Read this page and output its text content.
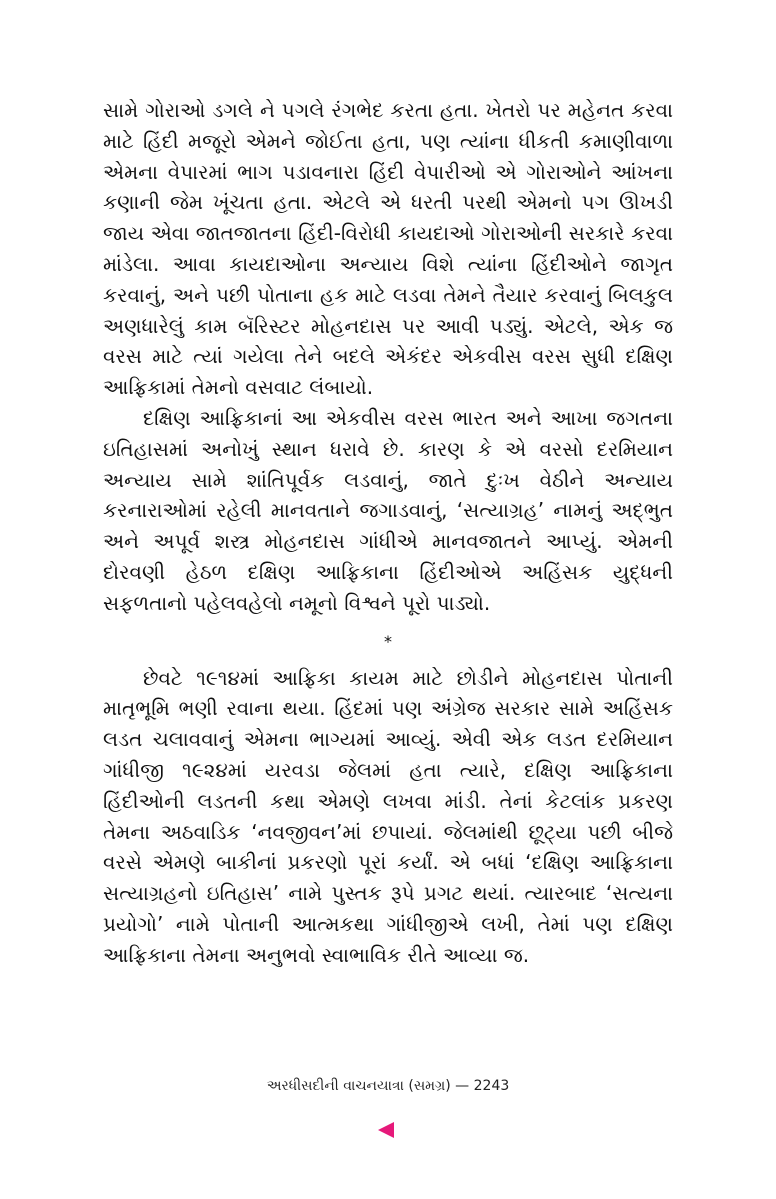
સામે ગોરાઓ ડગલે ને પગલે રંગભેદ કરતા હતા. ખેતરો પર મહેનત કરવા માટે હિંદી મજૂરો એમને જોઈતા હતા, પણ ત્યાંના ધીકતી કમાણીવાળા એમના વેપારમાં ભાગ પડાવનારા હિંદી વેપારીઓ એ ગોરાઓને આંખના કણાની જેમ ખૂંચતા હતા. એટલે એ ધરતી પરથી એમનો પગ ઊખડી જાય એવા જાતજાતના હિંદી-વિરોધી કાયદાઓ ગોરાઓની સરકારે કરવા માંડેલા. આવા કાયદાઓના અન્યાય વિશે ત્યાંના હિંદીઓને જાગૃત કરવાનું, અને પછી પોતાના હક માટે લડવા તેમને તૈયાર કરવાનું બિલકુલ અણધારેલું કામ બૅરિસ્ટર મોહનદાસ પર આવી પડ્યું. એટલે, એક જ વરસ માટે ત્યાં ગયેલા તેને બદલે એકંદર એકવીસ વરસ સુધી દક્ષિણ આફ્રિકામાં તેમનો વસવાટ લંબાયો.

દક્ષિણ આફ્રિકાનાં આ એકવીસ વરસ ભારત અને આખા જગતના ઇતિહાસમાં અનોખું સ્થાન ધરાવે છે. કારણ કે એ વરસો દરમિયાન અન્યાય સામે શાંતિપૂર્વક લડવાનું, જાતે દુઃખ વેઠીને અન્યાય કરનારાઓમાં રહેલી માનવતાને જગાડવાનું, ‘સત્યાગ્રહ’ નામનું અદ્ભુત અને અપૂર્વ શસ્ત્ર મોહનદાસ ગાંધીએ માનવજાતને આપ્યું. એમની દોરવણી હેઠળ દક્ષિણ આફ્રિકાના હિંદીઓએ અહિંસક યુદ્ધની સફળતાનો પહેલવહેલો નમૂનો વિશ્વને પૂરો પાડ્યો.

*

છેવટે ૧૯૧૪માં આફ્રિકા કાયમ માટે છોડીને મોહનદાસ પોતાની માતૃભૂમિ ભણી રવાના થયા. હિંદમાં પણ અંગ્રેજ સરકાર સામે અહિંસક લડત ચલાવવાનું એમના ભાગ્યમાં આવ્યું. એવી એક લડત દરમિયાન ગાંધીજી ૧૯૨૪માં યરવડા જેલમાં હતા ત્યારે, દક્ષિણ આફ્રિકાના હિંદીઓની લડતની કથા એમણે લખવા માંડી. તેનાં કેટલાંક પ્રકરણ તેમના અઠવાડિક ‘નવજીવન’માં છપાયાં. જેલમાંથી છૂટ્યા પછી બીજે વરસે એમણે બાકીનાં પ્રકરણો પૂરાં કર્યાં. એ બધાં ‘દક્ષિણ આફ્રિકાના સત્યાગ્રહનો ઇતિહાસ’ નામે પુસ્તક રૂપે પ્રગટ થયાં. ત્યારબાદ ‘સત્યના પ્રયોગો’ નામે પોતાની આત્મકથા ગાંધીજીએ લખી, તેમાં પણ દક્ષિણ આફ્રિકાના તેમના અનુભવો સ્વાભાવિક રીતે આવ્યા જ.

અરધીસદીની વાચનયાત્રા (સમગ્ર) — 2243
